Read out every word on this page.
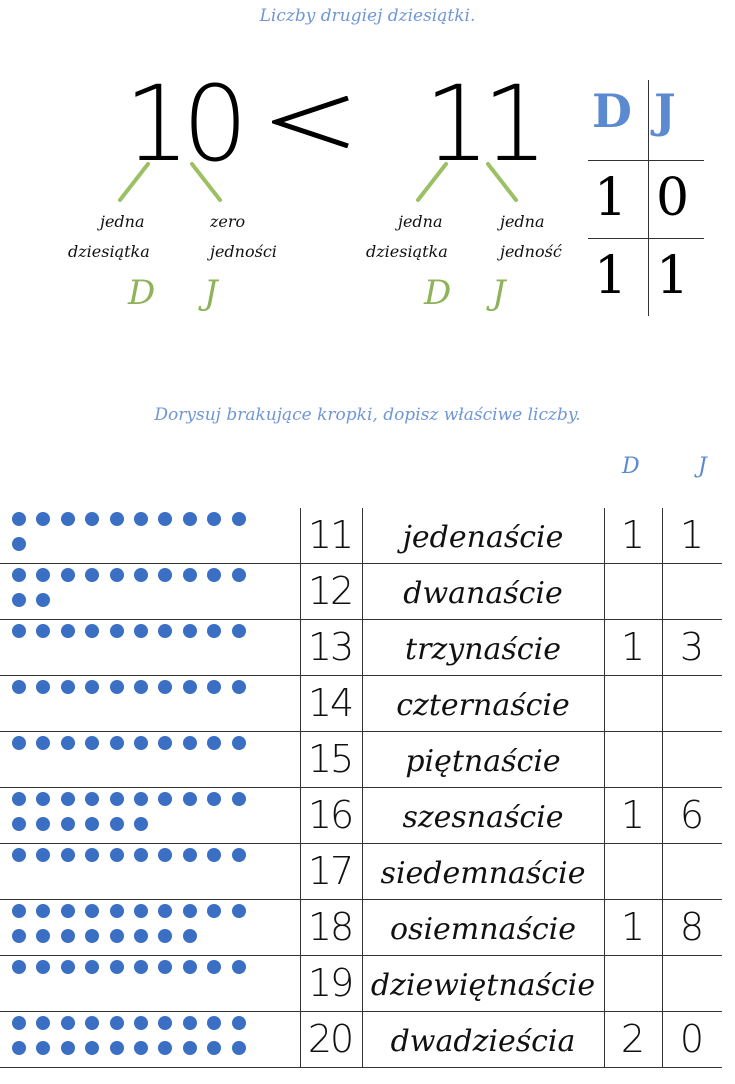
Liczby drugiej dziesiątki.
10 11
jedna
dziesiątka
zero
jedności
D J
jedna
dziesiątka
jedna
jedność
D J
D J
1 0
1 1
Dorysuj brakujące kropki, dopisz właściwe liczby.
D	J
11	jedenaście	1 1
12	dwanaście
13	trzynaście	1 3
14	czternaście
15	piętnaście
16	szesnaście	1 6
17 siedemnaście
18	osiemnaście	1 8
19 dziewiętnaście
20	dwadzieścia	2 0
